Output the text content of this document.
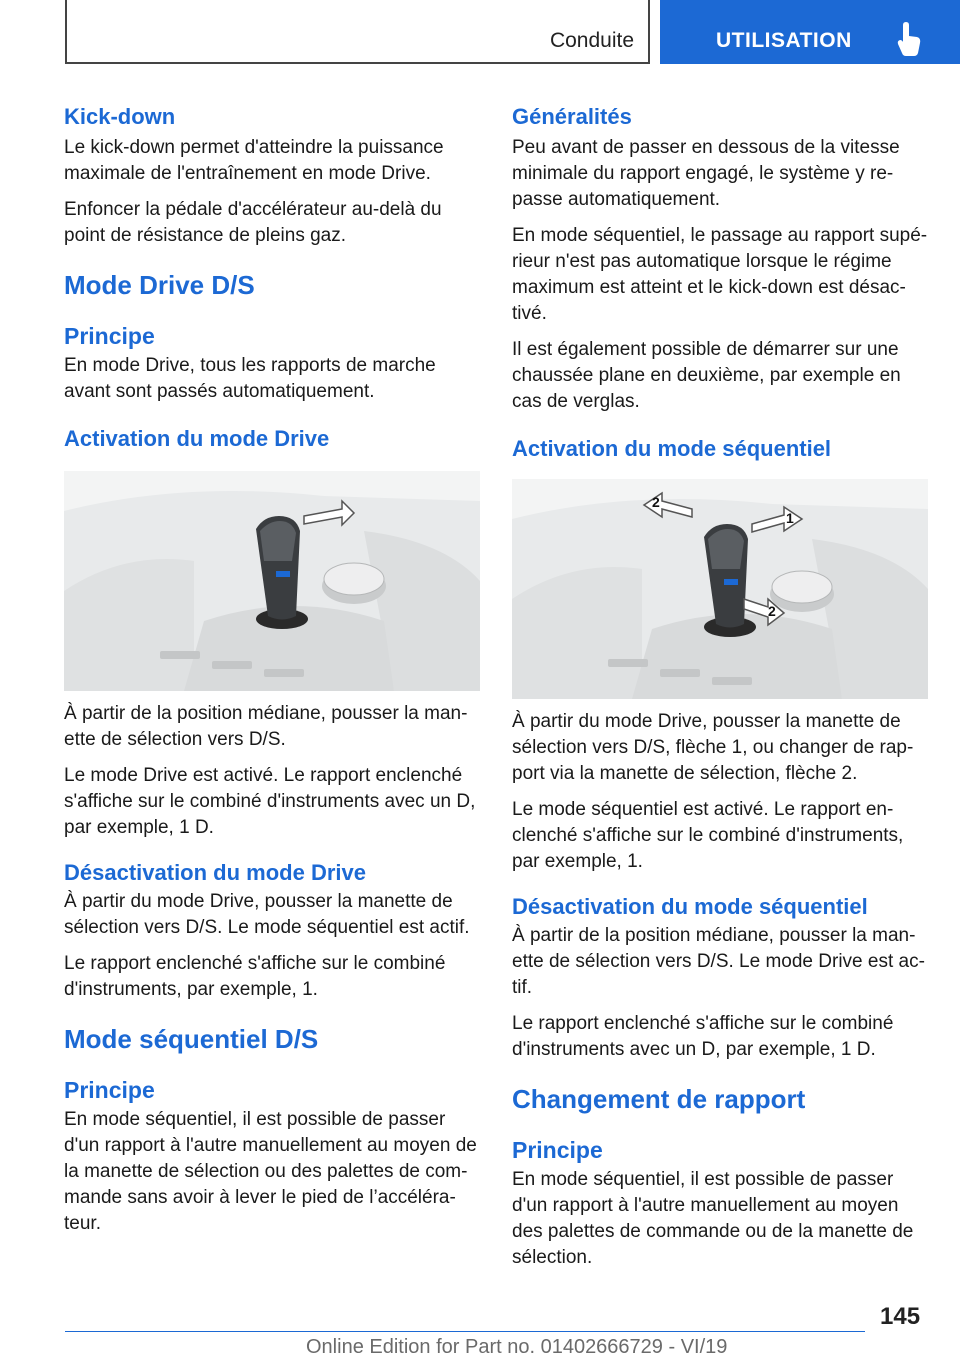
Conduite	UTILISATION
Kick-down

Le kick-down permet d'atteindre la puissance maximale de l'entraînement en mode Drive.

Enfoncer la pédale d'accélérateur au-delà du point de résistance de pleins gaz.

Mode Drive D/S
Principe

En mode Drive, tous les rapports de marche avant sont passés automatiquement.

Activation du mode Drive

À partir de la position médiane, pousser la manette de sélection vers D/S.

Le mode Drive est activé. Le rapport enclenché s'affiche sur le combiné d'instruments avec un D, par exemple, 1 D.

Désactivation du mode Drive

À partir du mode Drive, pousser la manette de sélection vers D/S. Le mode séquentiel est actif.

Le rapport enclenché s'affiche sur le combiné d'instruments, par exemple, 1.

Mode séquentiel D/S
Principe

En mode séquentiel, il est possible de passer d'un rapport à l'autre manuellement au moyen de la manette de sélection ou des palettes de commande sans avoir à lever le pied de l’accélérateur.

Généralités

Peu avant de passer en dessous de la vitesse minimale du rapport engagé, le système y repasse automatiquement.

En mode séquentiel, le passage au rapport supérieur n'est pas automatique lorsque le régime maximum est atteint et le kick-down est désactivé.

Il est également possible de démarrer sur une chaussée plane en deuxième, par exemple en cas de verglas.

Activation du mode séquentiel
2
1
2

À partir du mode Drive, pousser la manette de sélection vers D/S, flèche 1, ou changer de rapport via la manette de sélection, flèche 2.

Le mode séquentiel est activé. Le rapport enclenché s'affiche sur le combiné d'instruments, par exemple, 1.

Désactivation du mode séquentiel

À partir de la position médiane, pousser la manette de sélection vers D/S. Le mode Drive est actif.

Le rapport enclenché s'affiche sur le combiné d'instruments avec un D, par exemple, 1 D.

Changement de rapport
Principe

En mode séquentiel, il est possible de passer d'un rapport à l'autre manuellement au moyen des palettes de commande ou de la manette de sélection.

145
Online Edition for Part no. 01402666729 - VI/19
